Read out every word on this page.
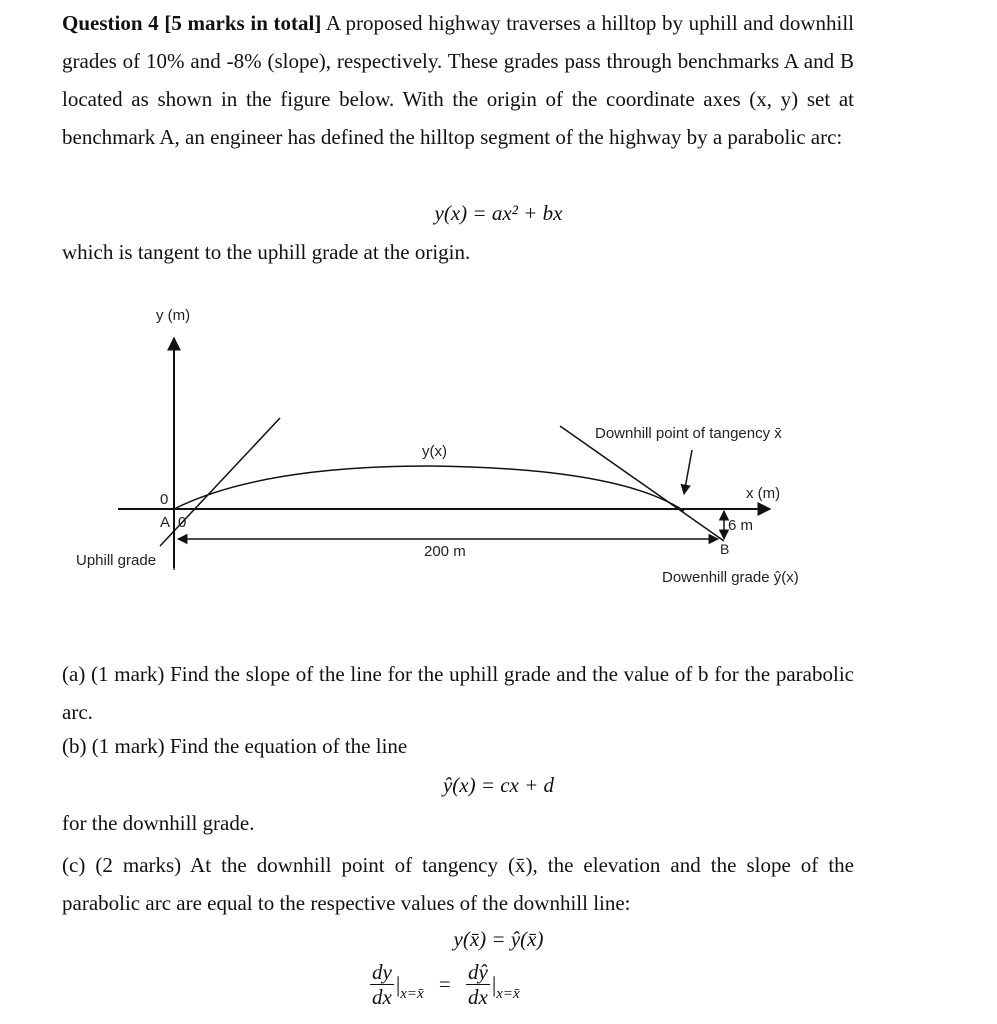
Question 4 [5 marks in total] A proposed highway traverses a hilltop by uphill and downhill grades of 10% and -8% (slope), respectively. These grades pass through benchmarks A and B located as shown in the figure below. With the origin of the coordinate axes (x, y) set at benchmark A, an engineer has defined the hilltop segment of the highway by a parabolic arc:
y(x) = ax² + bx
which is tangent to the uphill grade at the origin.
y (m)
x (m)
y(x)
Downhill point of tangency x̄
0
A 0
200 m
6 m
B
Uphill grade
Dowenhill grade ŷ(x)
(a) (1 mark) Find the slope of the line for the uphill grade and the value of b for the parabolic arc.
(b) (1 mark) Find the equation of the line
ŷ(x) = cx + d
for the downhill grade.
(c) (2 marks) At the downhill point of tangency (x̄), the elevation and the slope of the parabolic arc are equal to the respective values of the downhill line:
y(x̄) = ŷ(x̄)
$\frac{dy}{dx}$ |x=x̄ = $\frac{dŷ}{dx}$ |x=x̄
